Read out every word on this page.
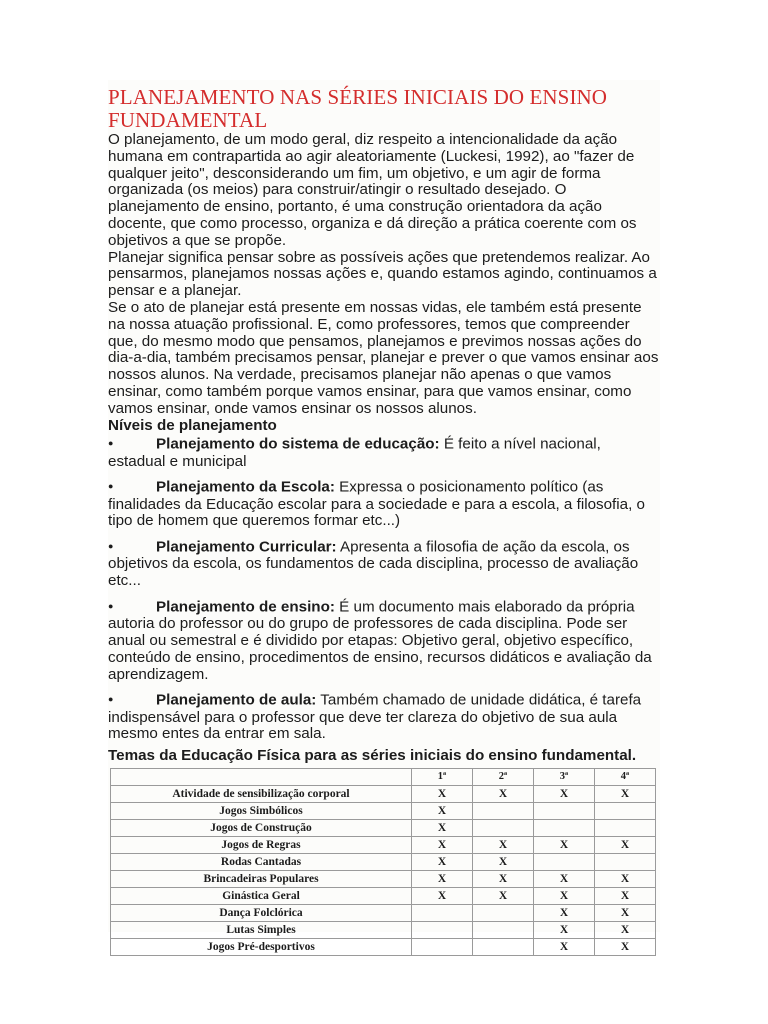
PLANEJAMENTO NAS SÉRIES INICIAIS DO ENSINO FUNDAMENTAL

O planejamento, de um modo geral, diz respeito a intencionalidade da ação humana em contrapartida ao agir aleatoriamente (Luckesi, 1992), ao "fazer de qualquer jeito", desconsiderando um fim, um objetivo, e um agir de forma organizada (os meios) para construir/atingir o resultado desejado. O planejamento de ensino, portanto, é uma construção orientadora da ação docente, que como processo, organiza e dá direção a prática coerente com os objetivos a que se propõe.

Planejar significa pensar sobre as possíveis ações que pretendemos realizar. Ao pensarmos, planejamos nossas ações e, quando estamos agindo, continuamos a pensar e a planejar.

Se o ato de planejar está presente em nossas vidas, ele também está presente na nossa atuação profissional. E, como professores, temos que compreender que, do mesmo modo que pensamos, planejamos e previmos nossas ações do dia-a-dia, também precisamos pensar, planejar e prever o que vamos ensinar aos nossos alunos. Na verdade, precisamos planejar não apenas o que vamos ensinar, como também porque vamos ensinar, para que vamos ensinar, como vamos ensinar, onde vamos ensinar os nossos alunos.

Níveis de planejamento

●	Planejamento do sistema de educação: É feito a nível nacional, estadual e municipal
●	Planejamento da Escola: Expressa o posicionamento político (as finalidades da Educação escolar para a sociedade e para a escola, a filosofia, o tipo de homem que queremos formar etc...)
●	Planejamento Curricular: Apresenta a filosofia de ação da escola, os objetivos da escola, os fundamentos de cada disciplina, processo de avaliação etc...
●	Planejamento de ensino: É um documento mais elaborado da própria autoria do professor ou do grupo de professores de cada disciplina. Pode ser anual ou semestral e é dividido por etapas: Objetivo geral, objetivo específico, conteúdo de ensino, procedimentos de ensino, recursos didáticos e avaliação da aprendizagem.
●	Planejamento de aula: Também chamado de unidade didática, é tarefa indispensável para o professor que deve ter clareza do objetivo de sua aula mesmo entes da entrar em sala.

Temas da Educação Física para as séries iniciais do ensino fundamental.

	1ª	2ª	3ª	4ª
Atividade de sensibilização corporal	X	X	X	X
Jogos Simbólicos	X			
Jogos de Construção	X			
Jogos de Regras	X	X	X	X
Rodas Cantadas	X	X		
Brincadeiras Populares	X	X	X	X
Ginástica Geral	X	X	X	X
Dança Folclórica			X	X
Lutas Simples			X	X
Jogos Pré-desportivos			X	X
